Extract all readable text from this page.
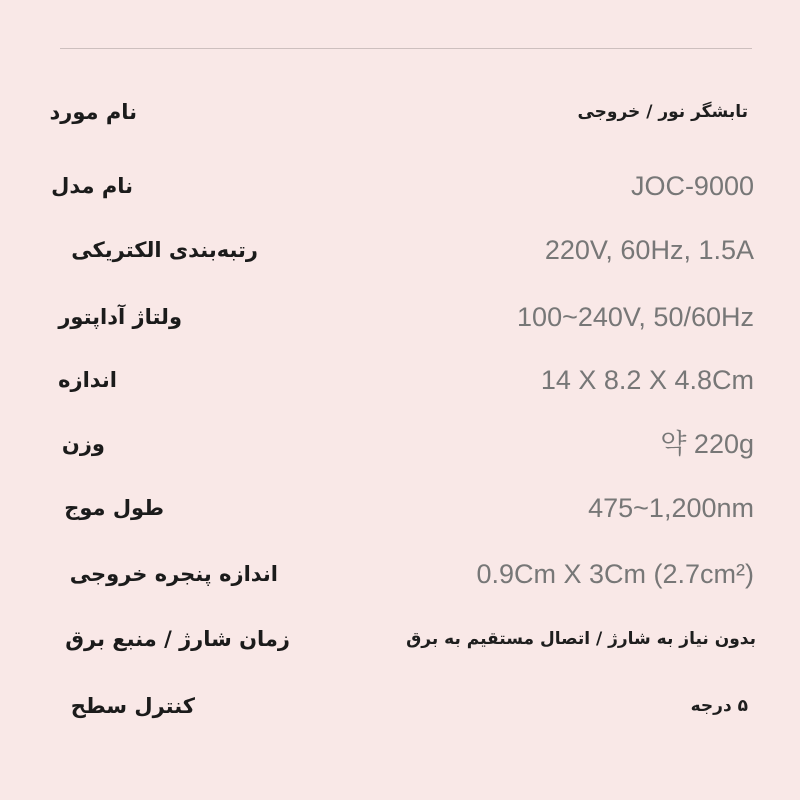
نام مورد	تابشگر نور / خروجی
نام مدل	JOC-9000
رتبه‌بندی الکتریکی	220V, 60Hz, 1.5A
ولتاژ آداپتور	100~240V, 50/60Hz
اندازه	14 X 8.2 X 4.8Cm
وزن	약 220g
طول موج	475~1,200nm
اندازه پنجره خروجی	0.9Cm X 3Cm (2.7cm²)
زمان شارژ / منبع برق	بدون نیاز به شارژ / اتصال مستقیم به برق
کنترل سطح	۵ درجه
